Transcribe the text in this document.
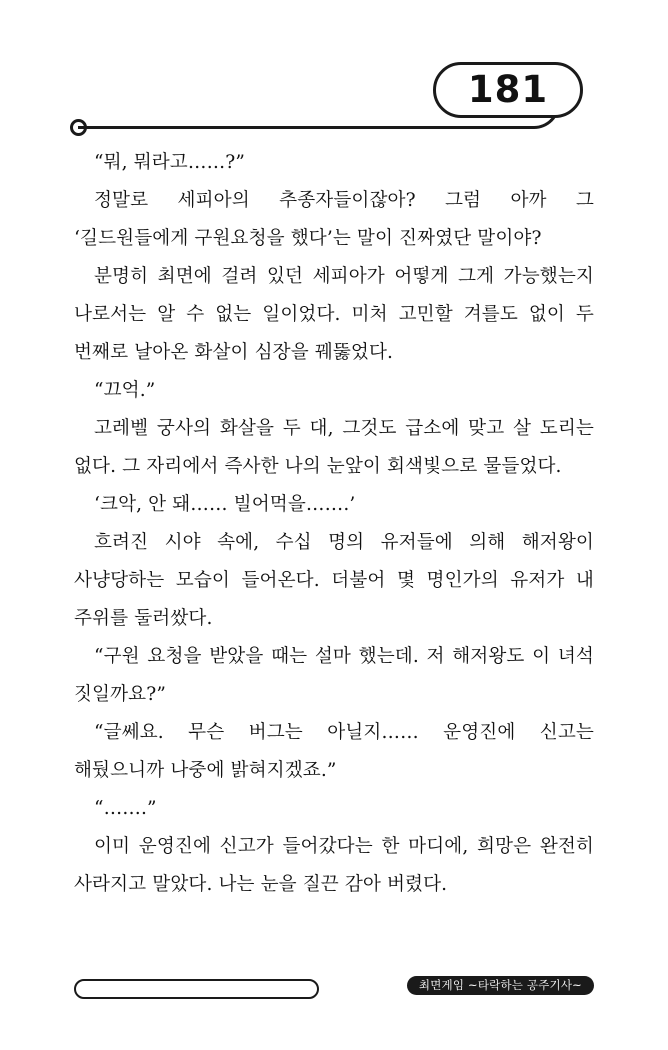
181

“뭐, 뭐라고……?”

정말로 세피아의 추종자들이잖아? 그럼 아까 그 ‘길드원들에게 구원요청을 했다’는 말이 진짜였단 말이야?

분명히 최면에 걸려 있던 세피아가 어떻게 그게 가능했는지 나로서는 알 수 없는 일이었다. 미처 고민할 겨를도 없이 두 번째로 날아온 화살이 심장을 꿰뚫었다.

“끄억.”

고레벨 궁사의 화살을 두 대, 그것도 급소에 맞고 살 도리는 없다. 그 자리에서 즉사한 나의 눈앞이 회색빛으로 물들었다.

‘크악, 안 돼…… 빌어먹을…….’

흐려진 시야 속에, 수십 명의 유저들에 의해 해저왕이 사냥당하는 모습이 들어온다. 더불어 몇 명인가의 유저가 내 주위를 둘러쌌다.

“구원 요청을 받았을 때는 설마 했는데. 저 해저왕도 이 녀석 짓일까요?”

“글쎄요. 무슨 버그는 아닐지…… 운영진에 신고는 해뒀으니까 나중에 밝혀지겠죠.”

“…….”

이미 운영진에 신고가 들어갔다는 한 마디에, 희망은 완전히 사라지고 말았다. 나는 눈을 질끈 감아 버렸다.

최면게임 ~타락하는 공주기사~
